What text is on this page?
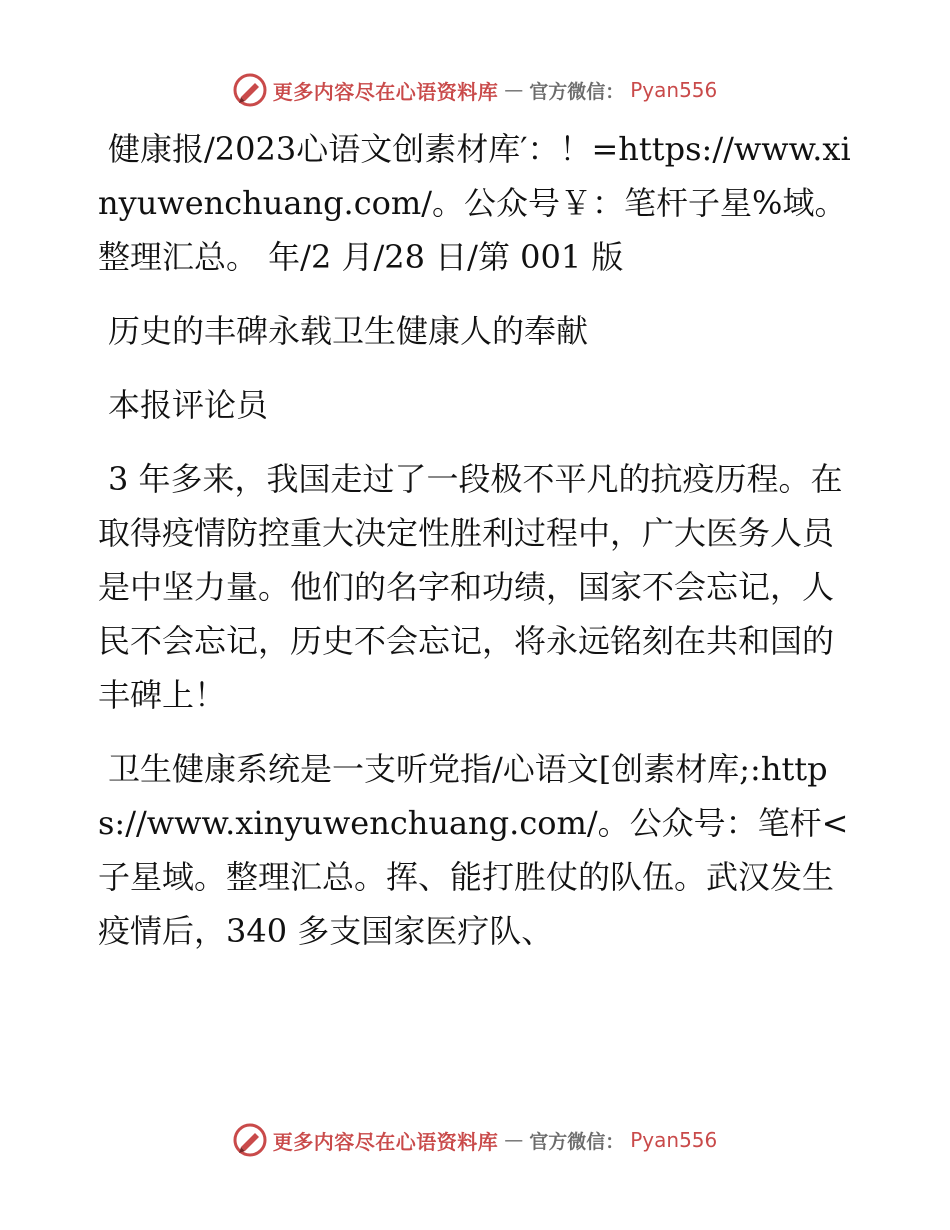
更多内容尽在心语资料库 — 官方微信： Pyan556

健康报/2023心语文创素材库′：！=https://www.xinyuwenchuang.com/。公众号￥：笔杆子星%域。整理汇总。 年/2 月/28 日/第 001 版

历史的丰碑永载卫生健康人的奉献

本报评论员

3 年多来，我国走过了一段极不平凡的抗疫历程。在取得疫情防控重大决定性胜利过程中，广大医务人员是中坚力量。他们的名字和功绩，国家不会忘记，人民不会忘记，历史不会忘记，将永远铭刻在共和国的丰碑上！

卫生健康系统是一支听党指/心语文[创素材库;:https://www.xinyuwenchuang.com/。公众号：笔杆<子星域。整理汇总。挥、能打胜仗的队伍。武汉发生疫情后，340 多支国家医疗队、

更多内容尽在心语资料库 — 官方微信： Pyan556
